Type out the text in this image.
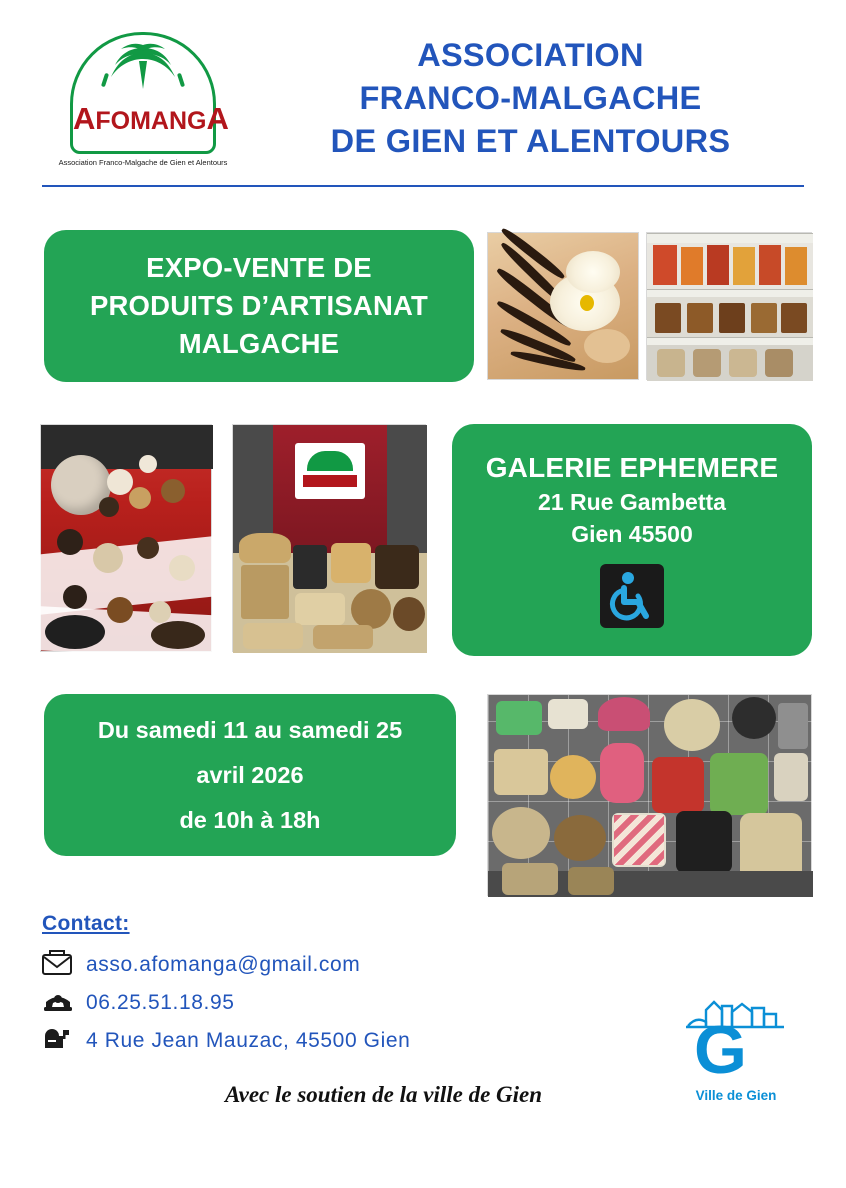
AFOMANGA
Association Franco-Malgache de Gien et Alentours
ASSOCIATION
FRANCO-MALGACHE
DE GIEN ET ALENTOURS
EXPO-VENTE DE
PRODUITS D’ARTISANAT
MALGACHE
GALERIE EPHEMERE
21 Rue Gambetta
Gien 45500
Du samedi 11 au samedi 25
avril 2026
de 10h à 18h
Contact:
asso.afomanga@gmail.com
06.25.51.18.95
4 Rue Jean Mauzac, 45500 Gien
Avec le soutien de la ville de Gien
G
Ville de Gien
